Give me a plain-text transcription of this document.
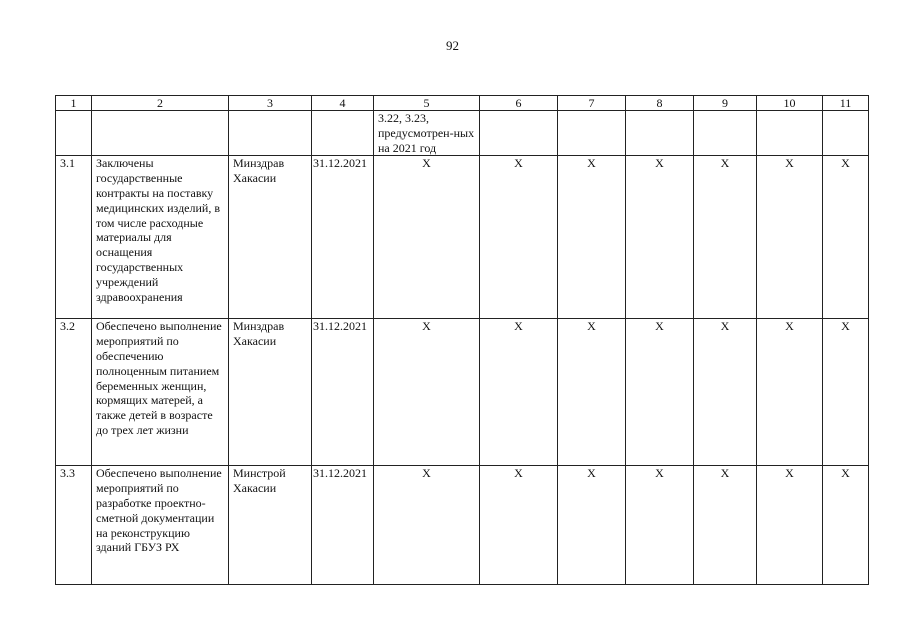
92
1	2	3	4	5	6	7	8	9	10	11
				3.22, 3.23, предусмотрен-ных на 2021 год						
3.1	Заключены государственные контракты на поставку медицинских изделий, в том числе расходные материалы для оснащения государственных учреждений здравоохранения	Минздрав Хакасии	31.12.2021	Х	Х	Х	Х	Х	Х	Х
3.2	Обеспечено выполнение мероприятий по обеспечению полноценным питанием беременных женщин, кормящих матерей, а также детей в возрасте до трех лет жизни	Минздрав Хакасии	31.12.2021	Х	Х	Х	Х	Х	Х	Х
3.3	Обеспечено выполнение мероприятий по разработке проектно-сметной документации на реконструкцию зданий ГБУЗ РХ	Минстрой Хакасии	31.12.2021	Х	Х	Х	Х	Х	Х	Х
